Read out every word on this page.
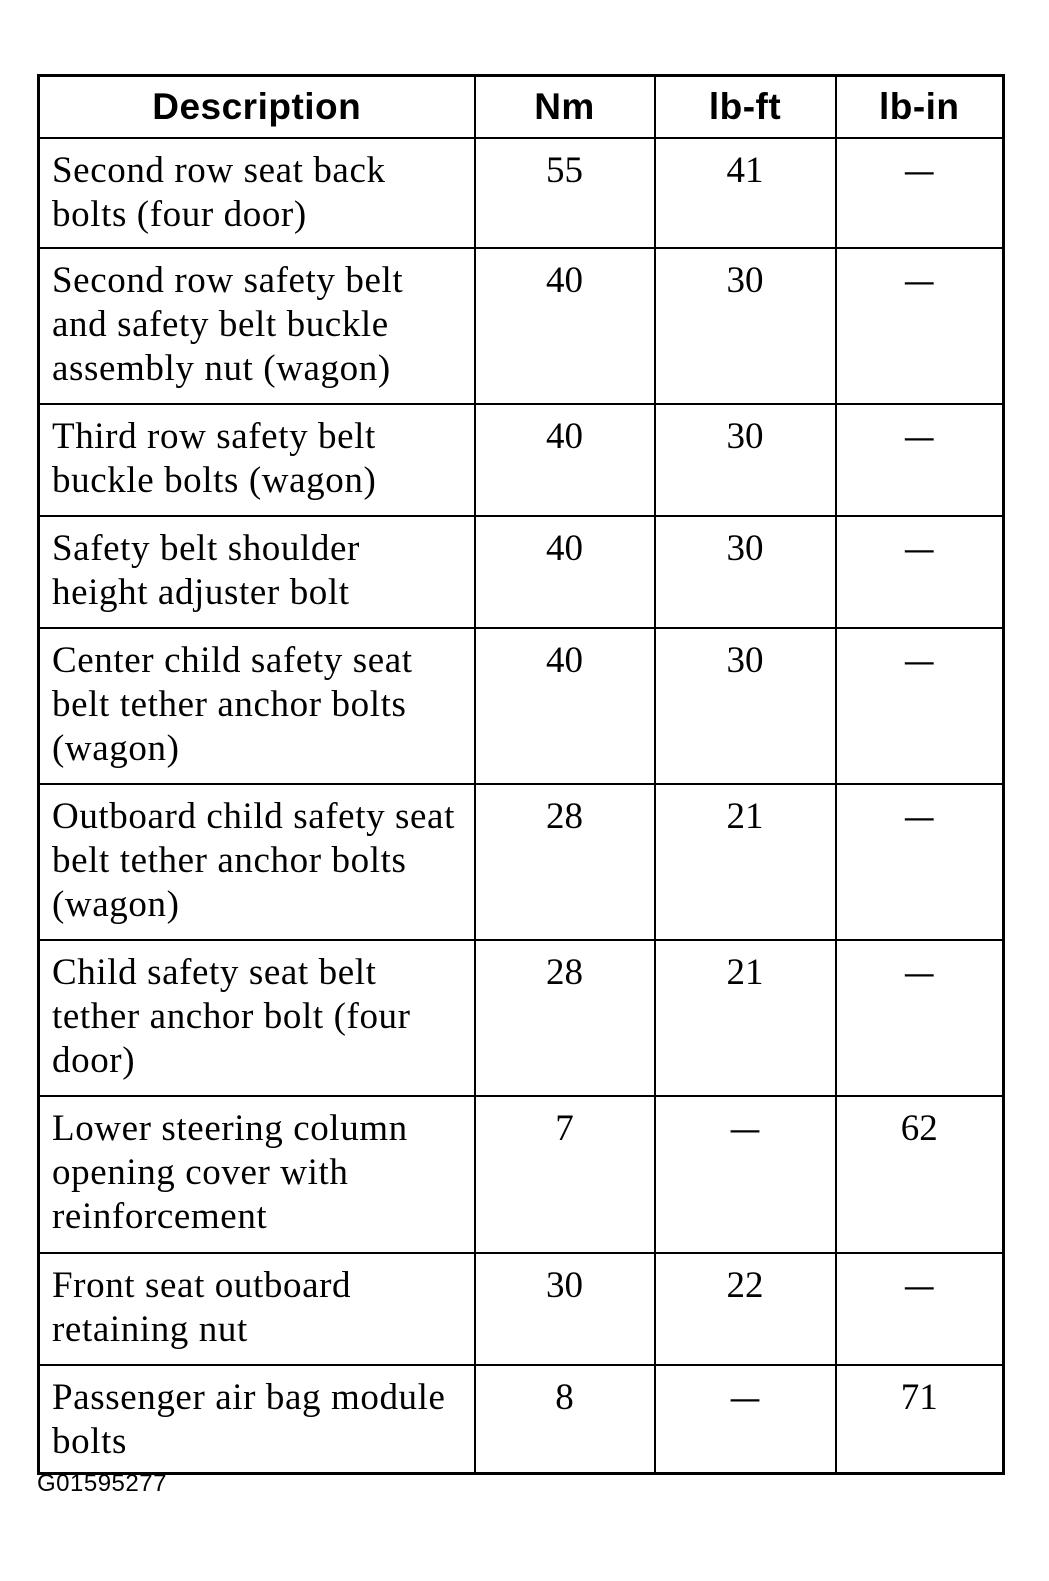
Description	Nm	lb-ft	lb-in
Second row seat back bolts (four door)	55	41	—
Second row safety belt and safety belt buckle assembly nut (wagon)	40	30	—
Third row safety belt buckle bolts (wagon)	40	30	—
Safety belt shoulder height adjuster bolt	40	30	—
Center child safety seat belt tether anchor bolts (wagon)	40	30	—
Outboard child safety seat belt tether anchor bolts (wagon)	28	21	—
Child safety seat belt tether anchor bolt (four door)	28	21	—
Lower steering column opening cover with reinforcement	7	—	62
Front seat outboard retaining nut	30	22	—
Passenger air bag module bolts	8	—	71
G01595277
